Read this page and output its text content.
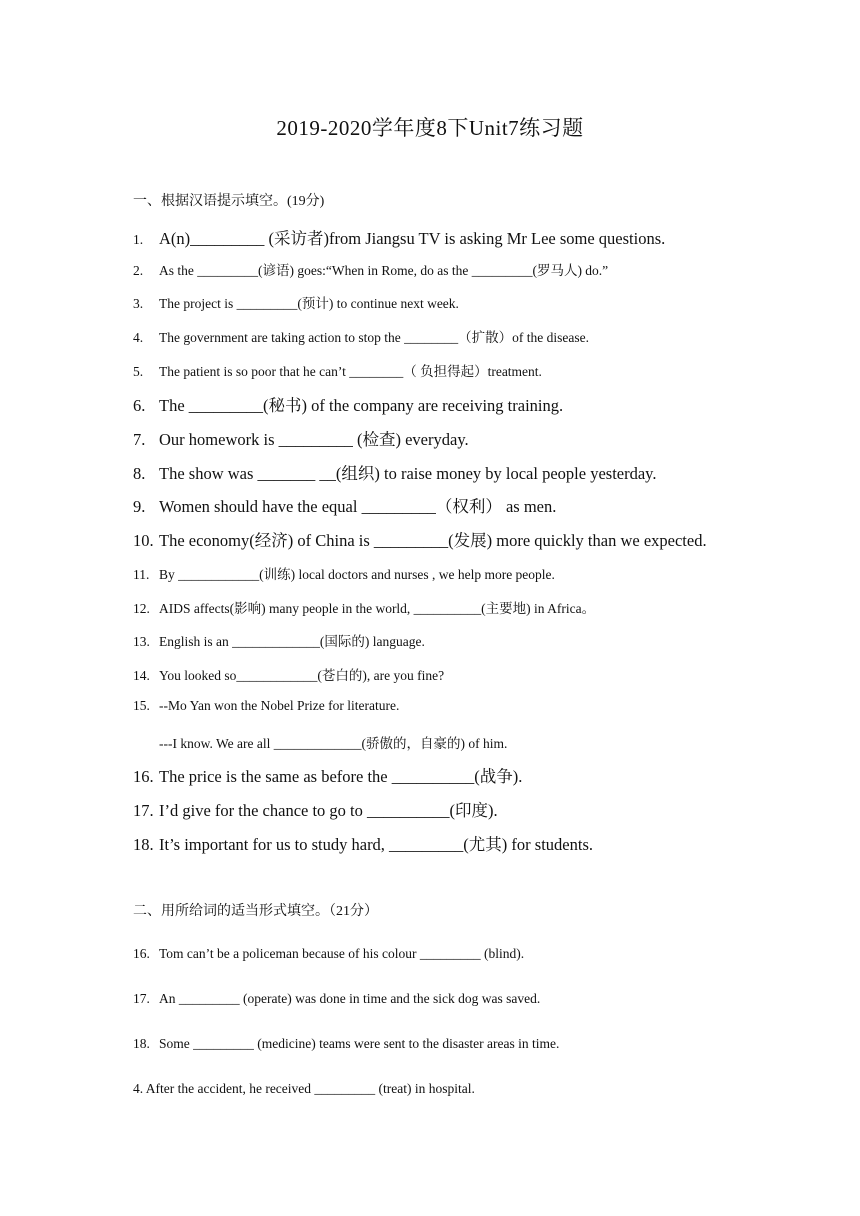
2019-2020学年度8下Unit7练习题
一、根据汉语提示填空。(19分)
1. A(n)_________ (采访者)from Jiangsu TV is asking Mr Lee some questions.
2. As the _________(谚语) goes:“When in Rome, do as the _________(罗马人) do.”
3. The project is _________(预计) to continue next week.
4. The government are taking action to stop the ________（扩散）of the disease.
5. The patient is so poor that he can’t ________（ 负担得起）treatment.
6. The _________(秘书) of the company are receiving training.
7. Our homework is _________ (检查) everyday.
8. The show was _______ __(组织) to raise money by local people yesterday.
9. Women should have the equal _________（权利） as men.
10. The economy(经济) of China is _________(发展) more quickly than we expected.
11. By ____________(训练) local doctors and nurses , we help more people.
12. AIDS affects(影响) many people in the world, __________(主要地) in Africa。
13. English is an _____________(国际的) language.
14. You looked so____________(苍白的), are you fine?
15. --Mo Yan won the Nobel Prize for literature.
---I know. We are all _____________(骄傲的，自豪的) of him.
16. The price is the same as before the __________(战争).
17. I’d give for the chance to go to __________(印度).
18. It’s important for us to study hard, _________(尤其) for students.
二、用所给词的适当形式填空。（21分）
16. Tom can’t be a policeman because of his colour _________ (blind).
17. An _________ (operate) was done in time and the sick dog was saved.
18. Some _________ (medicine) teams were sent to the disaster areas in time.
4. After the accident, he received _________ (treat) in hospital.
